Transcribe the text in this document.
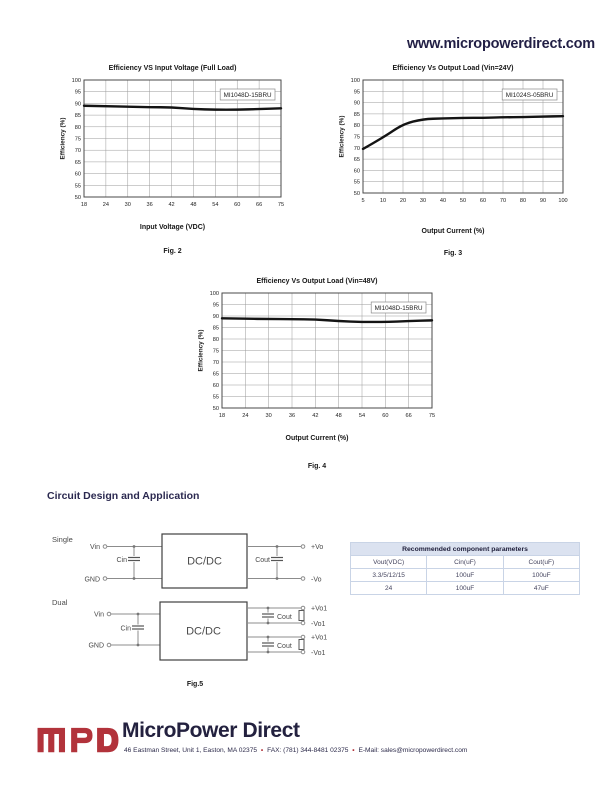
www.micropowerdirect.com
Efficiency VS Input Voltage (Full Load)
50
55
60
65
70
75
80
85
90
95
100
18	24	30	36	42	48	54	60	66	75
Efficiency (%)
MI1048D-15BRU
Input Voltage (VDC)
Fig. 2
Efficiency Vs Output Load (Vin=24V)
50
55
60
65
70
75
80
85
90
95
100
5	10 20 30 40 50 60 70 80 90 100
Efficiency (%)
MI1024S-05BRU
Output Current (%)
Fig. 3
Efficiency Vs Output Load (Vin=48V)
50
55
60
65
70
75
80
85
90
95
100
18	24	30	36	42	48	54	60	66	75
Efficiency (%)
MI1048D-15BRU
Output Current (%)
Fig. 4
Circuit Design and Application
Single
Vin
GND
Cin	DC/DC	Cout
+Vo
-Vo
Dual
Vin
GND
Cin	DC/DC
Cout
+Vo1
-Vo1
Cout
+Vo1
-Vo1
Fig.5
Recommended component parameters		
Vout(VDC)	Cin(uF)	Cout(uF)
3.3/5/12/15	100uF	100uF
24	100uF	47uF
MicroPower Direct
46 Eastman Street, Unit 1, Easton, MA 02375 • FAX: (781) 344-8481 02375 • E-Mail: sales@micropowerdirect.com
